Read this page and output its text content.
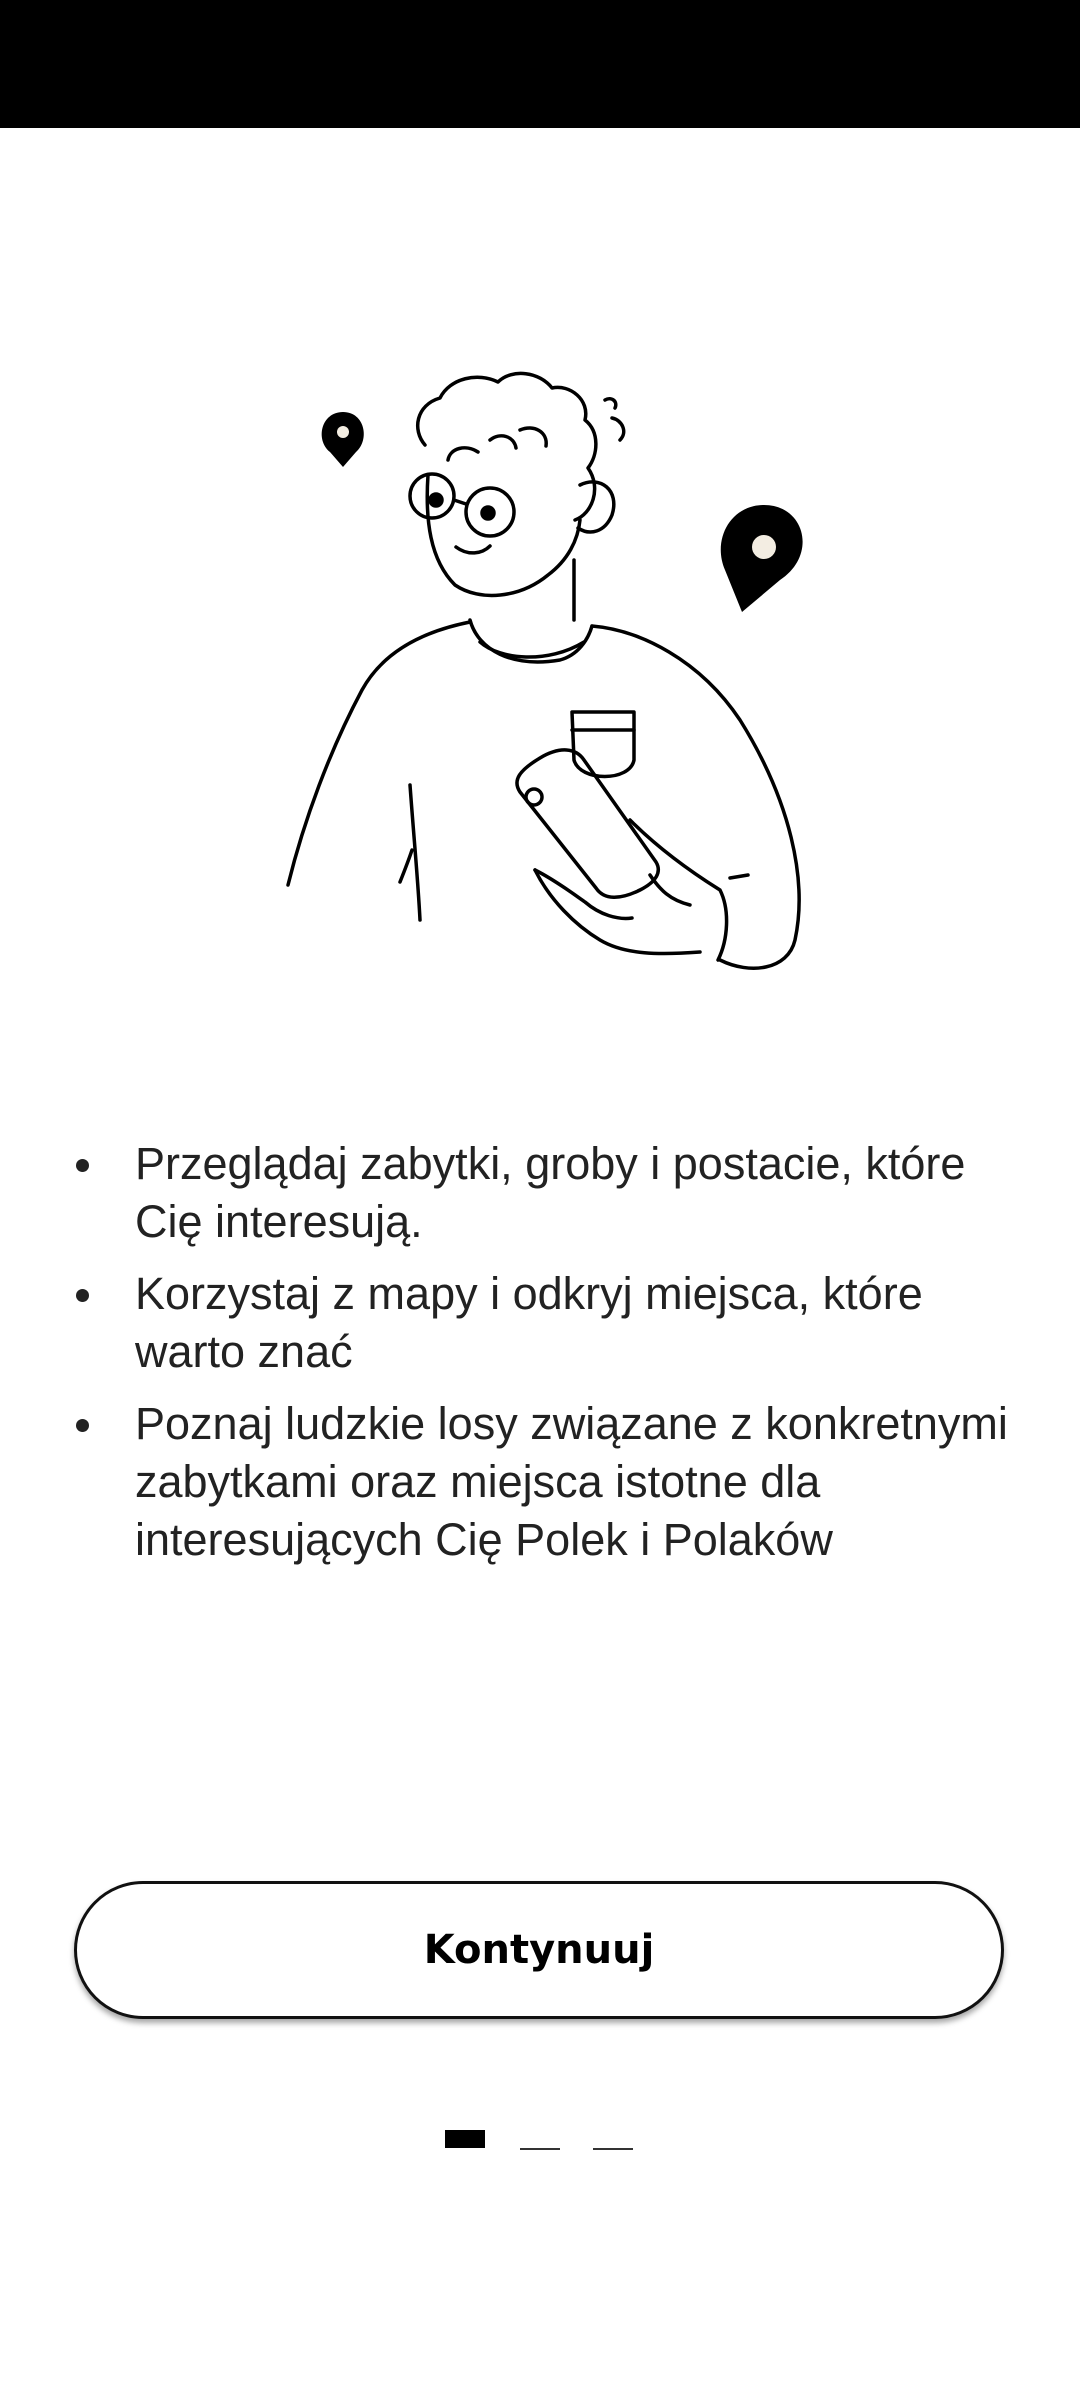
Przeglądaj zabytki, groby i postacie, które Cię interesują.
Korzystaj z mapy i odkryj miejsca, które warto znać
Poznaj ludzkie losy związane z konkretnymi zabytkami oraz miejsca istotne dla interesujących Cię Polek i Polaków
Kontynuuj
